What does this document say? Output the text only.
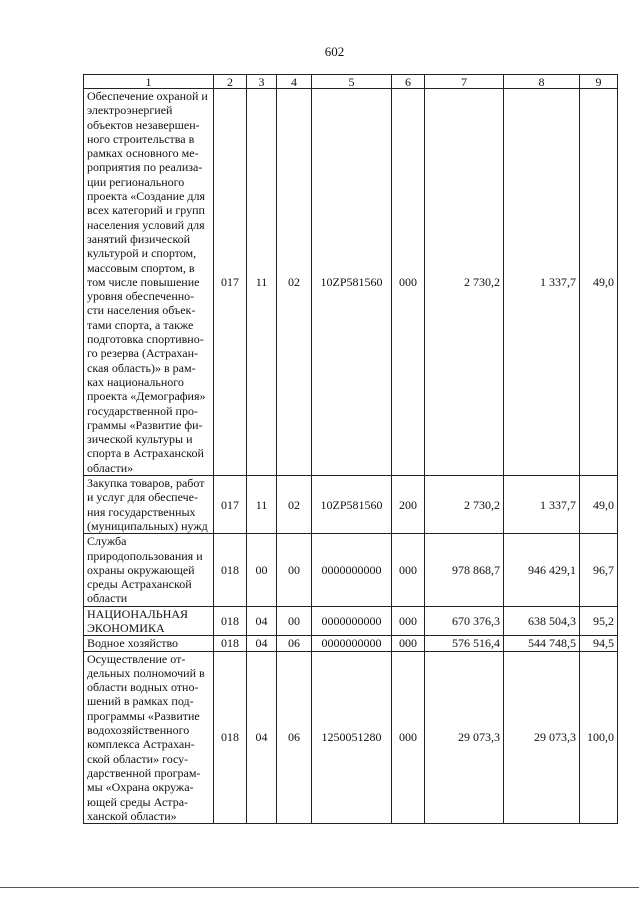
602
1	2	3	4	5	6	7	8	9
Обеспечение охраной и электроэнергией объектов незавершен-ного строительства в рамках основного ме-роприятия по реализа-ции регионального проекта «Создание для всех категорий и групп населения условий для занятий физической культурой и спортом, массовым спортом, в том числе повышение уровня обеспеченно-сти населения объек-тами спорта, а также подготовка спортивно-го резерва (Астрахан-ская область)» в рам-ках национального проекта «Демография» государственной про-граммы «Развитие фи-зической культуры и спорта в Астраханской области»	017	11	02	10ZP581560	000	2 730,2	1 337,7	49,0
Закупка товаров, работ и услуг для обеспече-ния государственных (муниципальных) нужд	017	11	02	10ZP581560	200	2 730,2	1 337,7	49,0
Служба природопользования и охраны окружающей среды Астраханской области	018	00	00	0000000000	000	978 868,7	946 429,1	96,7
НАЦИОНАЛЬНАЯ ЭКОНОМИКА	018	04	00	0000000000	000	670 376,3	638 504,3	95,2
Водное хозяйство	018	04	06	0000000000	000	576 516,4	544 748,5	94,5
Осуществление от-дельных полномочий в области водных отно-шений в рамках под-программы «Развитие водохозяйственного комплекса Астрахан-ской области» госу-дарственной програм-мы «Охрана окружа-ющей среды Астра-ханской области»	018	04	06	1250051280	000	29 073,3	29 073,3	100,0
